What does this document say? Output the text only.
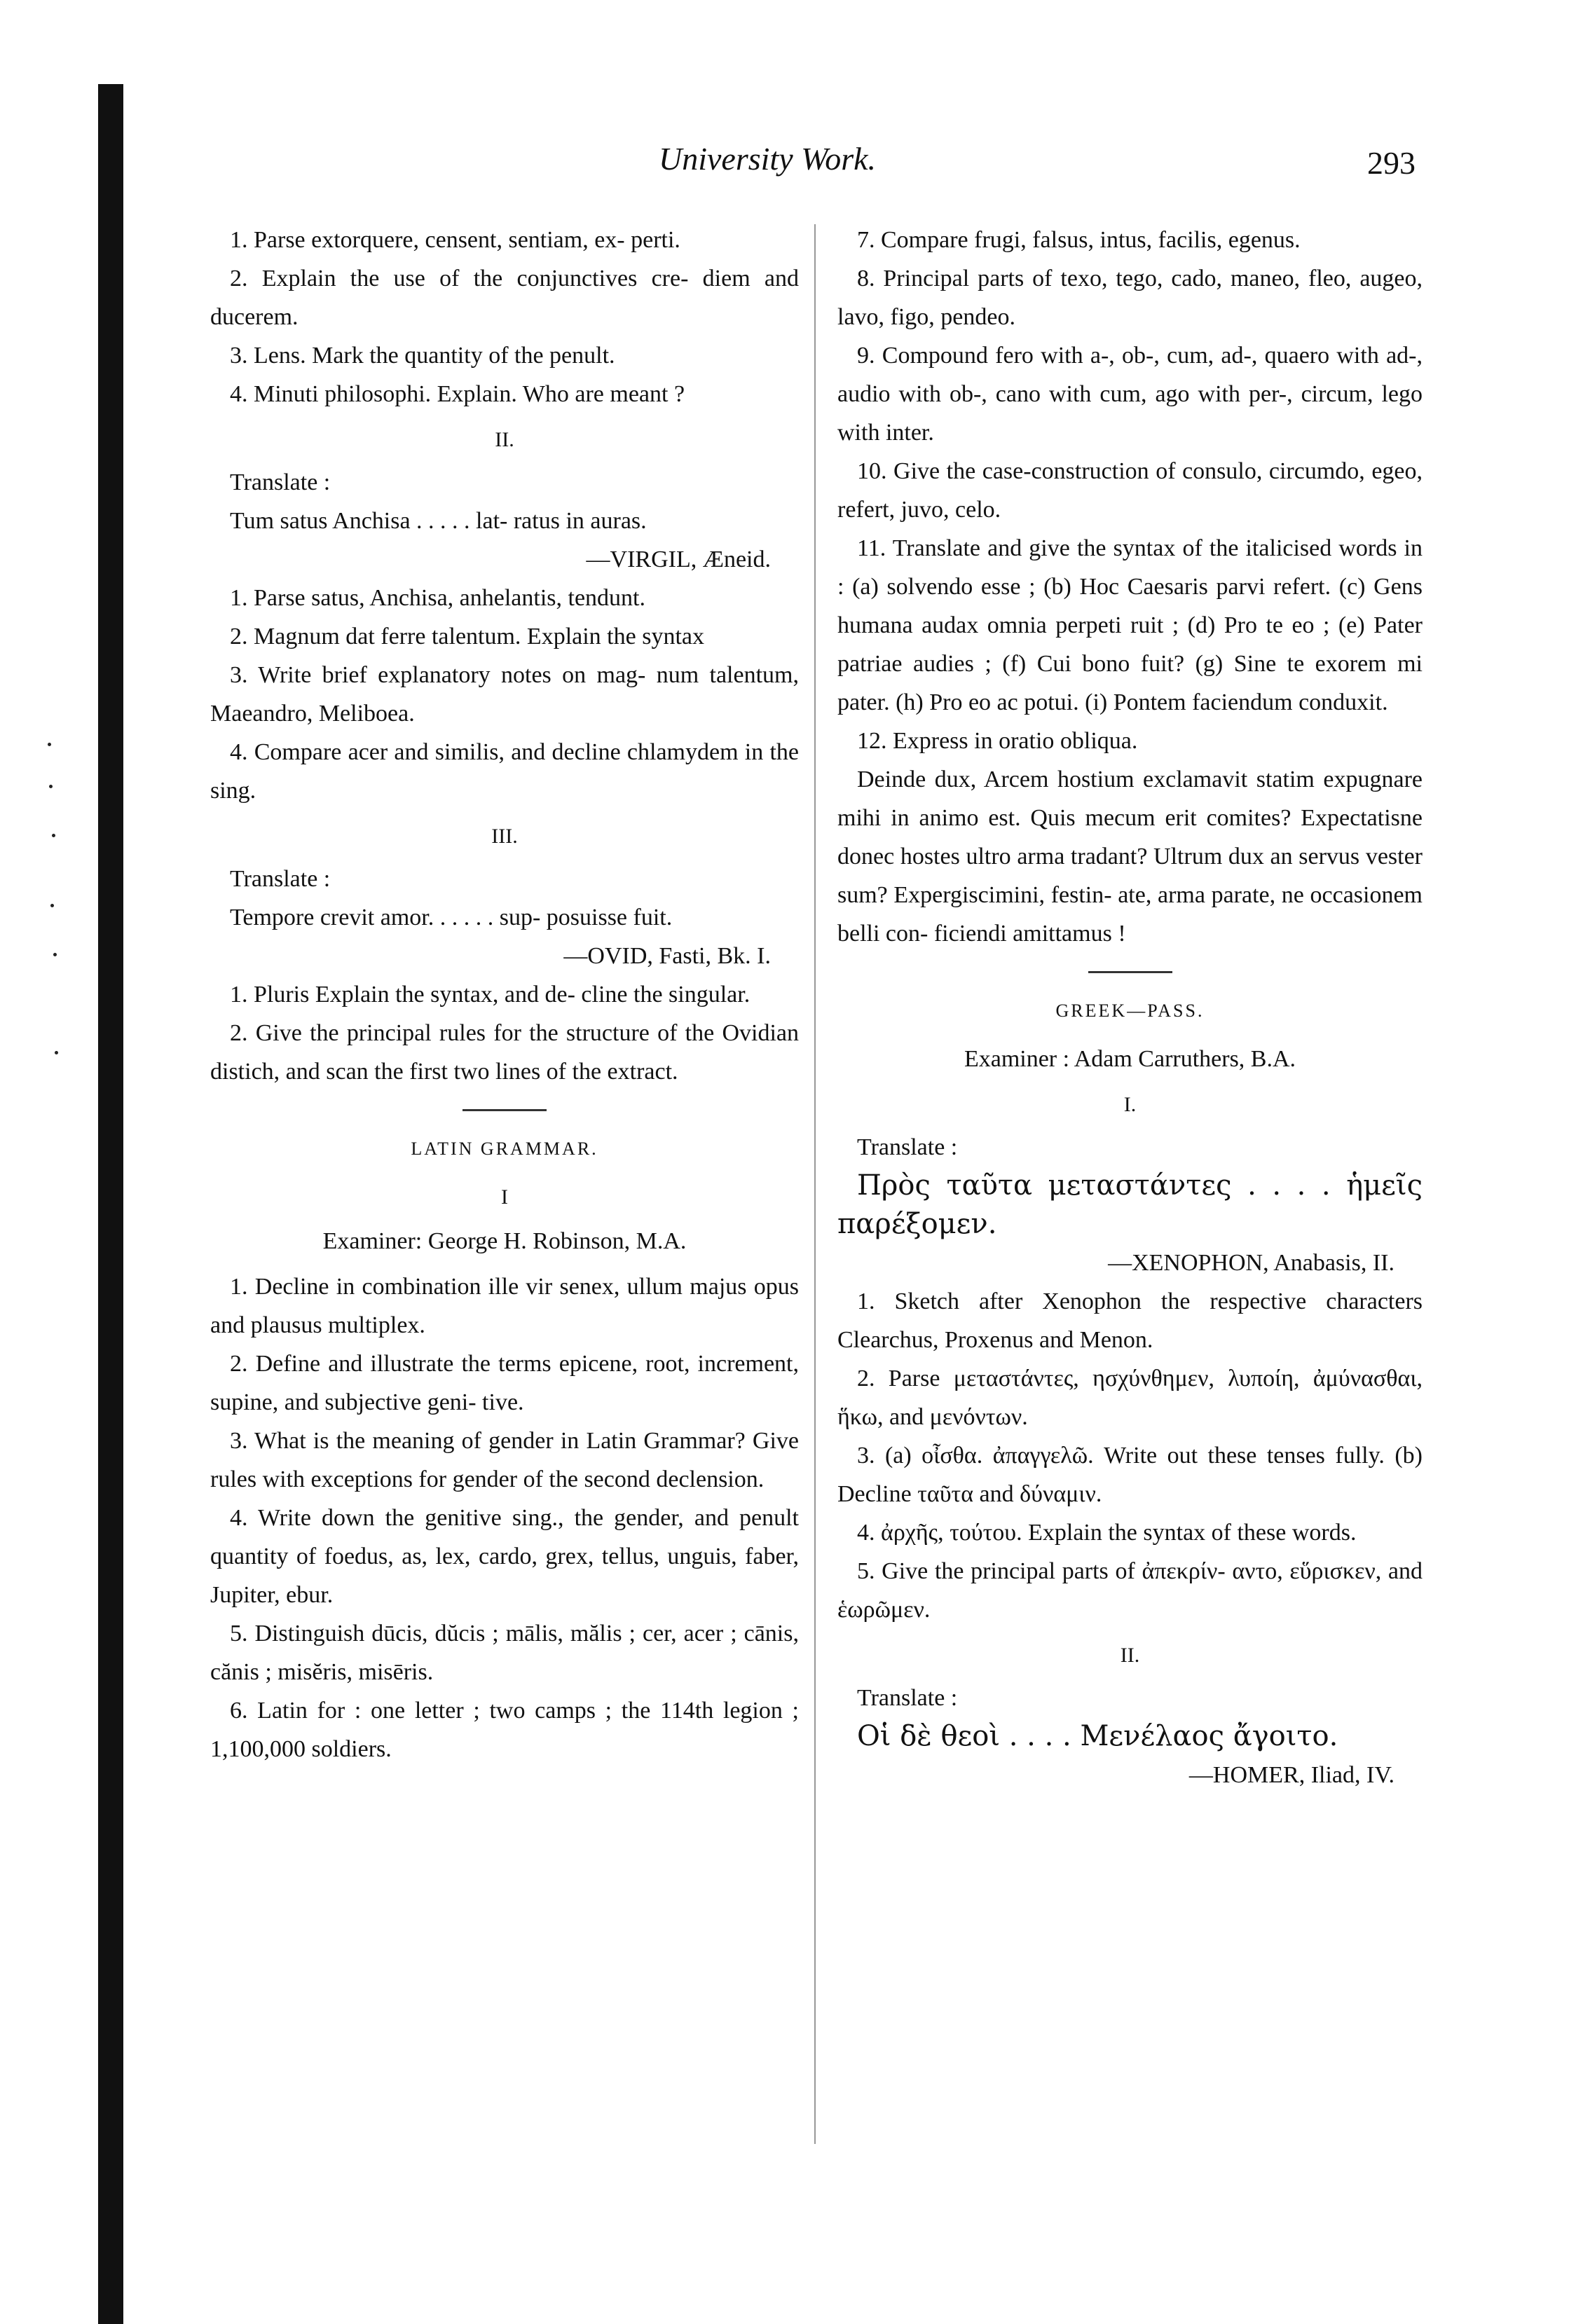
University Work.	293

1. Parse extorquere, censent, sentiam, ex- perti.

2. Explain the use of the conjunctives cre- diem and ducerem.

3. Lens. Mark the quantity of the penult.

4. Minuti philosophi. Explain. Who are meant ?

II.

Translate :

Tum satus Anchisa . . . . . lat- ratus in auras.

—VIRGIL, Æneid.

1. Parse satus, Anchisa, anhelantis, tendunt.

2. Magnum dat ferre talentum. Explain the syntax

3. Write brief explanatory notes on mag- num talentum, Maeandro, Meliboea.

4. Compare acer and similis, and decline chlamydem in the sing.

III.

Translate :

Tempore crevit amor. . . . . . sup- posuisse fuit.

—OVID, Fasti, Bk. I.

1. Pluris Explain the syntax, and de- cline the singular.

2. Give the principal rules for the structure of the Ovidian distich, and scan the first two lines of the extract.

LATIN GRAMMAR.

I

Examiner: George H. Robinson, M.A.

1. Decline in combination ille vir senex, ullum majus opus and plausus multiplex.

2. Define and illustrate the terms epicene, root, increment, supine, and subjective geni- tive.

3. What is the meaning of gender in Latin Grammar? Give rules with exceptions for gender of the second declension.

4. Write down the genitive sing., the gender, and penult quantity of foedus, as, lex, cardo, grex, tellus, unguis, faber, Jupiter, ebur.

5. Distinguish dūcis, dŭcis ; mālis, mălis ; cer, acer ; cānis, cănis ; misĕris, misēris.

6. Latin for : one letter ; two camps ; the 114th legion ; 1,100,000 soldiers.

7. Compare frugi, falsus, intus, facilis, egenus.

8. Principal parts of texo, tego, cado, maneo, fleo, augeo, lavo, figo, pendeo.

9. Compound fero with a-, ob-, cum, ad-, quaero with ad-, audio with ob-, cano with cum, ago with per-, circum, lego with inter.

10. Give the case-construction of consulo, circumdo, egeo, refert, juvo, celo.

11. Translate and give the syntax of the italicised words in : (a) solvendo esse ; (b) Hoc Caesaris parvi refert. (c) Gens humana audax omnia perpeti ruit ; (d) Pro te eo ; (e) Pater patriae audies ; (f) Cui bono fuit? (g) Sine te exorem mi pater. (h) Pro eo ac potui. (i) Pontem faciendum conduxit.

12. Express in oratio obliqua.

Deinde dux, Arcem hostium exclamavit statim expugnare mihi in animo est. Quis mecum erit comites? Expectatisne donec hostes ultro arma tradant? Ultrum dux an servus vester sum? Expergiscimini, festin- ate, arma parate, ne occasionem belli con- ficiendi amittamus !

GREEK—PASS.

Examiner : Adam Carruthers, B.A.

I.

Translate :

Πρὸς ταῦτα μεταστάντες . . . . ἡμεῖς παρέξομεν.

—XENOPHON, Anabasis, II.

1. Sketch after Xenophon the respective characters Clearchus, Proxenus and Menon.

2. Parse μεταστάντες, ησχύνθημεν, λυποίη, ἀμύνασθαι, ἥκω, and μενόντων.

3. (a) οἶσθα. ἀπαγγελῶ. Write out these tenses fully. (b) Decline ταῦτα and δύναμιν.

4. ἀρχῆς, τούτου. Explain the syntax of these words.

5. Give the principal parts of ἀπεκρίν- αντο, εὕρισκεν, and ἑωρῶμεν.

II.

Translate :

Οἱ δὲ θεοὶ . . . . Μενέλαος ἄγοιτο.

—HOMER, Iliad, IV.
